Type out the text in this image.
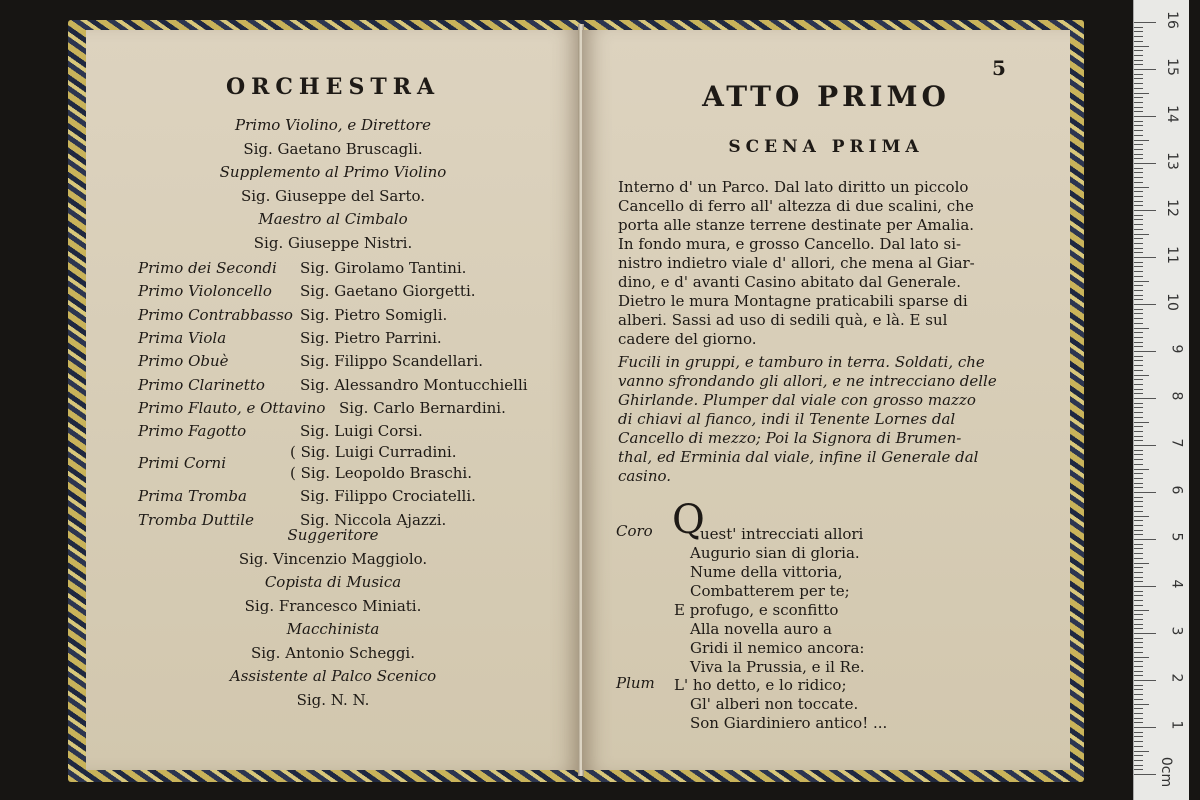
ORCHESTRA
Primo Violino, e Direttore
Sig. Gaetano Bruscagli.
Supplemento al Primo Violino
Sig. Giuseppe del Sarto.
Maestro al Cimbalo
Sig. Giuseppe Nistri.
Primo dei Secondi Sig. Girolamo Tantini.
Primo Violoncello Sig. Gaetano Giorgetti.
Primo Contrabbasso Sig. Pietro Somigli.
Prima Viola	Sig. Pietro Parrini.
Primo Obuè	Sig. Filippo Scandellari.
Primo Clarinetto Sig. Alessandro Montucchielli
Primo Flauto, e Ottavino Sig. Carlo Bernardini.
Primo Fagotto	Sig. Luigi Corsi.
Primi Corni
( Sig. Luigi Curradini.
( Sig. Leopoldo Braschi.
Prima Tromba	Sig. Filippo Crociatelli.
Tromba Duttile	Sig. Niccola Ajazzi.
Suggeritore
Sig. Vincenzio Maggiolo.
Copista di Musica
Sig. Francesco Miniati.
Macchinista
Sig. Antonio Scheggi.
Assistente al Palco Scenico
Sig. N. N.
5
ATTO PRIMO
SCENA PRIMA
Interno d' un Parco. Dal lato diritto un piccolo
Cancello di ferro all' altezza di due scalini, che
porta alle stanze terrene destinate per Amalia.
In fondo mura, e grosso Cancello. Dal lato si-
nistro indietro viale d' allori, che mena al Giar-
dino, e d' avanti Casino abitato dal Generale.
Dietro le mura Montagne praticabili sparse di
alberi. Sassi ad uso di sedili quà, e là. E sul
cadere del giorno.
Fucili in gruppi, e tamburo in terra. Soldati, che
vanno sfrondando gli allori, e ne intrecciano delle
Ghirlande. Plumper dal viale con grosso mazzo
di chiavi al fianco, indi il Tenente Lornes dal
Cancello di mezzo; Poi la Signora di Brumen-
thal, ed Erminia dal viale, infine il Generale dal
casino.
Coro Q
uest' intrecciati allori
Augurio sian di gloria.
Nume della vittoria,
Combatterem per te;
E profugo, e sconfitto
Alla novella auro a
Gridi il nemico ancora:
Viva la Prussia, e il Re.
Plum L' ho detto, e lo ridico;
Gl' alberi non toccate.
Son Giardiniero antico! ...
0cm
1
2
3
4
5
6
7
8
9
10
11
12
13
14
15
16
